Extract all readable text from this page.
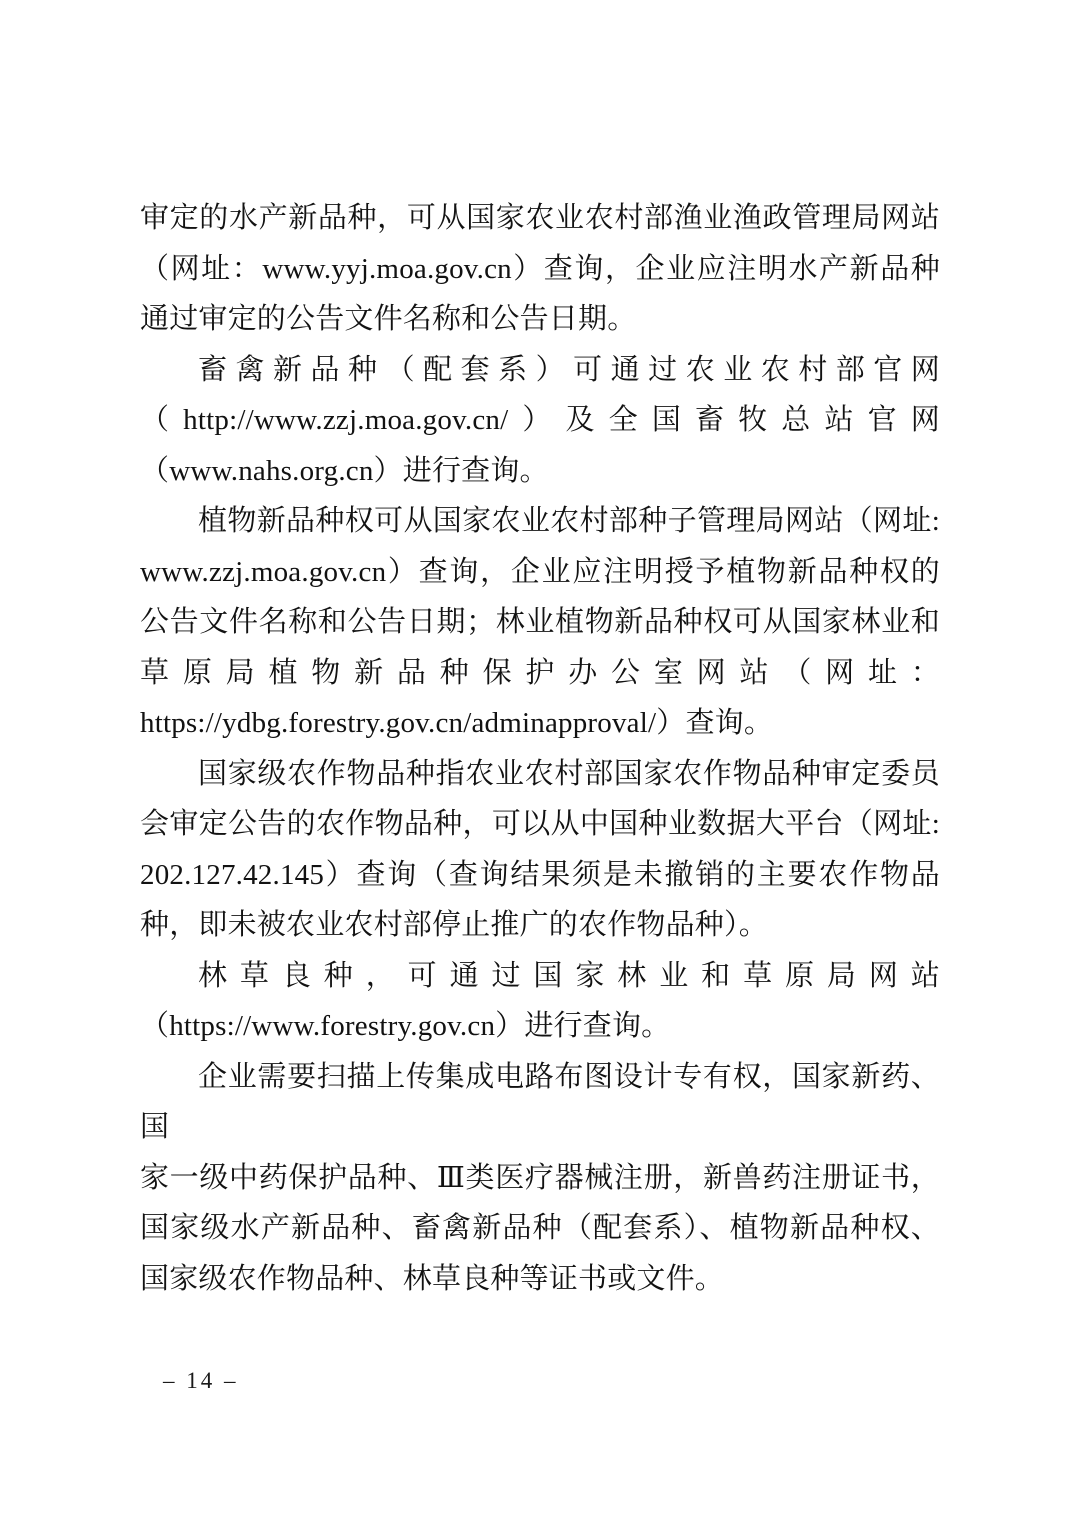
审定的水产新品种，可从国家农业农村部渔业渔政管理局网站
（网址：www.yyj.moa.gov.cn）查询，企业应注明水产新品种
通过审定的公告文件名称和公告日期。
畜禽新品种（配套系）可通过农业农村部官网
（http://www.zzj.moa.gov.cn/）及全国畜牧总站官网
（www.nahs.org.cn）进行查询。
植物新品种权可从国家农业农村部种子管理局网站（网址:
www.zzj.moa.gov.cn）查询，企业应注明授予植物新品种权的
公告文件名称和公告日期；林业植物新品种权可从国家林业和
草原局植物新品种保护办公室网站（网址：
https://ydbg.forestry.gov.cn/adminapproval/）查询。
国家级农作物品种指农业农村部国家农作物品种审定委员
会审定公告的农作物品种，可以从中国种业数据大平台（网址:
202.127.42.145）查询（查询结果须是未撤销的主要农作物品
种，即未被农业农村部停止推广的农作物品种）。
林草良种，可通过国家林业和草原局网站
（https://www.forestry.gov.cn）进行查询。
企业需要扫描上传集成电路布图设计专有权，国家新药、国
家一级中药保护品种、Ⅲ类医疗器械注册，新兽药注册证书，
国家级水产新品种、畜禽新品种（配套系）、植物新品种权、
国家级农作物品种、林草良种等证书或文件。
– 14 –
